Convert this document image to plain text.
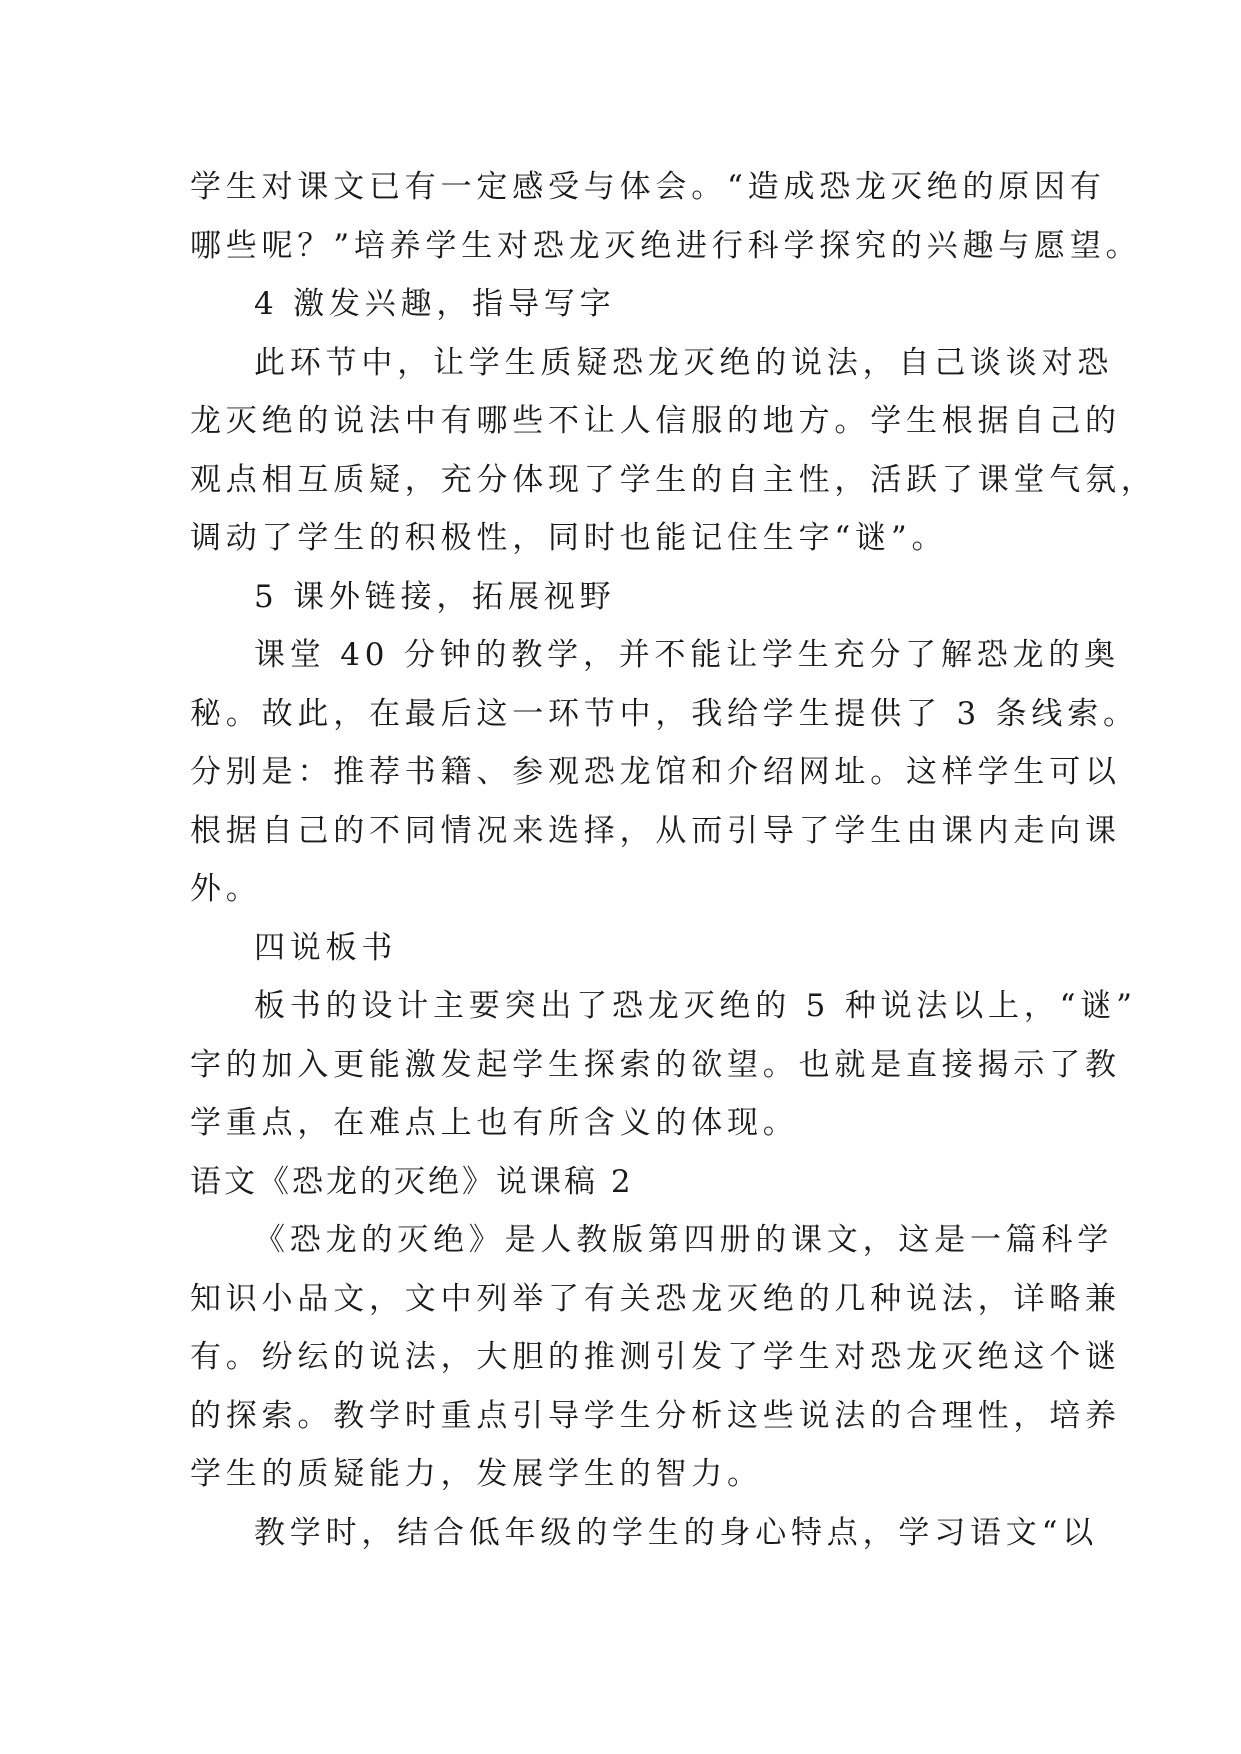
学生对课文已有一定感受与体会。“造成恐龙灭绝的原因有
哪些呢？”培养学生对恐龙灭绝进行科学探究的兴趣与愿望。
4 激发兴趣，指导写字
此环节中，让学生质疑恐龙灭绝的说法，自己谈谈对恐
龙灭绝的说法中有哪些不让人信服的地方。学生根据自己的
观点相互质疑，充分体现了学生的自主性，活跃了课堂气氛，
调动了学生的积极性，同时也能记住生字“谜”。
5 课外链接，拓展视野
课堂 40 分钟的教学，并不能让学生充分了解恐龙的奥
秘。故此，在最后这一环节中，我给学生提供了 3 条线索。
分别是：推荐书籍、参观恐龙馆和介绍网址。这样学生可以
根据自己的不同情况来选择，从而引导了学生由课内走向课
外。
四说板书
板书的设计主要突出了恐龙灭绝的 5 种说法以上，“谜”
字的加入更能激发起学生探索的欲望。也就是直接揭示了教
学重点，在难点上也有所含义的体现。
语文《恐龙的灭绝》说课稿 2
《恐龙的灭绝》是人教版第四册的课文，这是一篇科学
知识小品文，文中列举了有关恐龙灭绝的几种说法，详略兼
有。纷纭的说法，大胆的推测引发了学生对恐龙灭绝这个谜
的探索。教学时重点引导学生分析这些说法的合理性，培养
学生的质疑能力，发展学生的智力。
教学时，结合低年级的学生的身心特点，学习语文“以
